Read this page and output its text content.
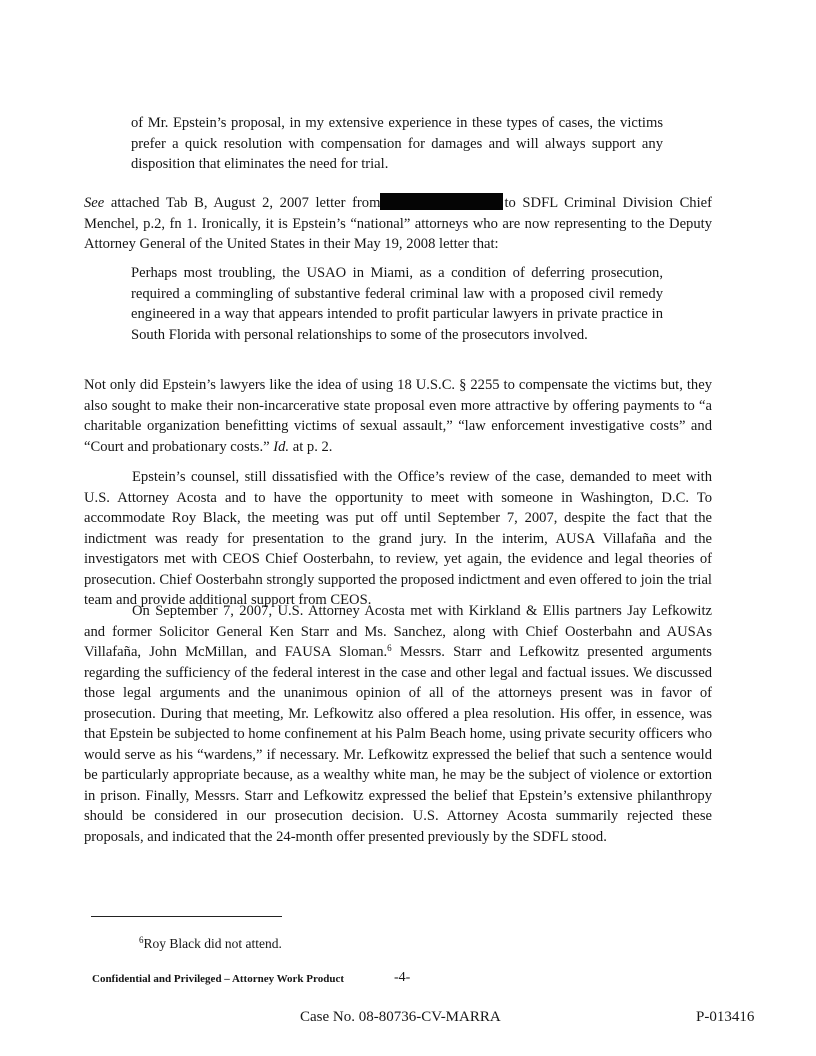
of Mr. Epstein’s proposal, in my extensive experience in these types of cases, the victims prefer a quick resolution with compensation for damages and will always support any disposition that eliminates the need for trial.

See attached Tab B, August 2, 2007 letter from	to SDFL Criminal Division Chief Menchel, p.2, fn 1. Ironically, it is Epstein’s “national” attorneys who are now representing to the Deputy Attorney General of the United States in their May 19, 2008 letter that:

Perhaps most troubling, the USAO in Miami, as a condition of deferring prosecution, required a commingling of substantive federal criminal law with a proposed civil remedy engineered in a way that appears intended to profit particular lawyers in private practice in South Florida with personal relationships to some of the prosecutors involved.

Not only did Epstein’s lawyers like the idea of using 18 U.S.C. § 2255 to compensate the victims but, they also sought to make their non-incarcerative state proposal even more attractive by offering payments to “a charitable organization benefitting victims of sexual assault,” “law enforcement investigative costs” and “Court and probationary costs.” Id. at p. 2.

Epstein’s counsel, still dissatisfied with the Office’s review of the case, demanded to meet with U.S. Attorney Acosta and to have the opportunity to meet with someone in Washington, D.C. To accommodate Roy Black, the meeting was put off until September 7, 2007, despite the fact that the indictment was ready for presentation to the grand jury. In the interim, AUSA Villafaña and the investigators met with CEOS Chief Oosterbahn, to review, yet again, the evidence and legal theories of prosecution. Chief Oosterbahn strongly supported the proposed indictment and even offered to join the trial team and provide additional support from CEOS.

On September 7, 2007, U.S. Attorney Acosta met with Kirkland & Ellis partners Jay Lefkowitz and former Solicitor General Ken Starr and Ms. Sanchez, along with Chief Oosterbahn and AUSAs Villafaña, John McMillan, and FAUSA Sloman.$^6$ Messrs. Starr and Lefkowitz presented arguments regarding the sufficiency of the federal interest in the case and other legal and factual issues. We discussed those legal arguments and the unanimous opinion of all of the attorneys present was in favor of prosecution. During that meeting, Mr. Lefkowitz also offered a plea resolution. His offer, in essence, was that Epstein be subjected to home confinement at his Palm Beach home, using private security officers who would serve as his “wardens,” if necessary. Mr. Lefkowitz expressed the belief that such a sentence would be particularly appropriate because, as a wealthy white man, he may be the subject of violence or extortion in prison. Finally, Messrs. Starr and Lefkowitz expressed the belief that Epstein’s extensive philanthropy should be considered in our prosecution decision. U.S. Attorney Acosta summarily rejected these proposals, and indicated that the 24-month offer presented previously by the SDFL stood.

$^6$Roy Black did not attend.

Confidential and Privileged – Attorney Work Product	-4-
Case No. 08-80736-CV-MARRA	P-013416
